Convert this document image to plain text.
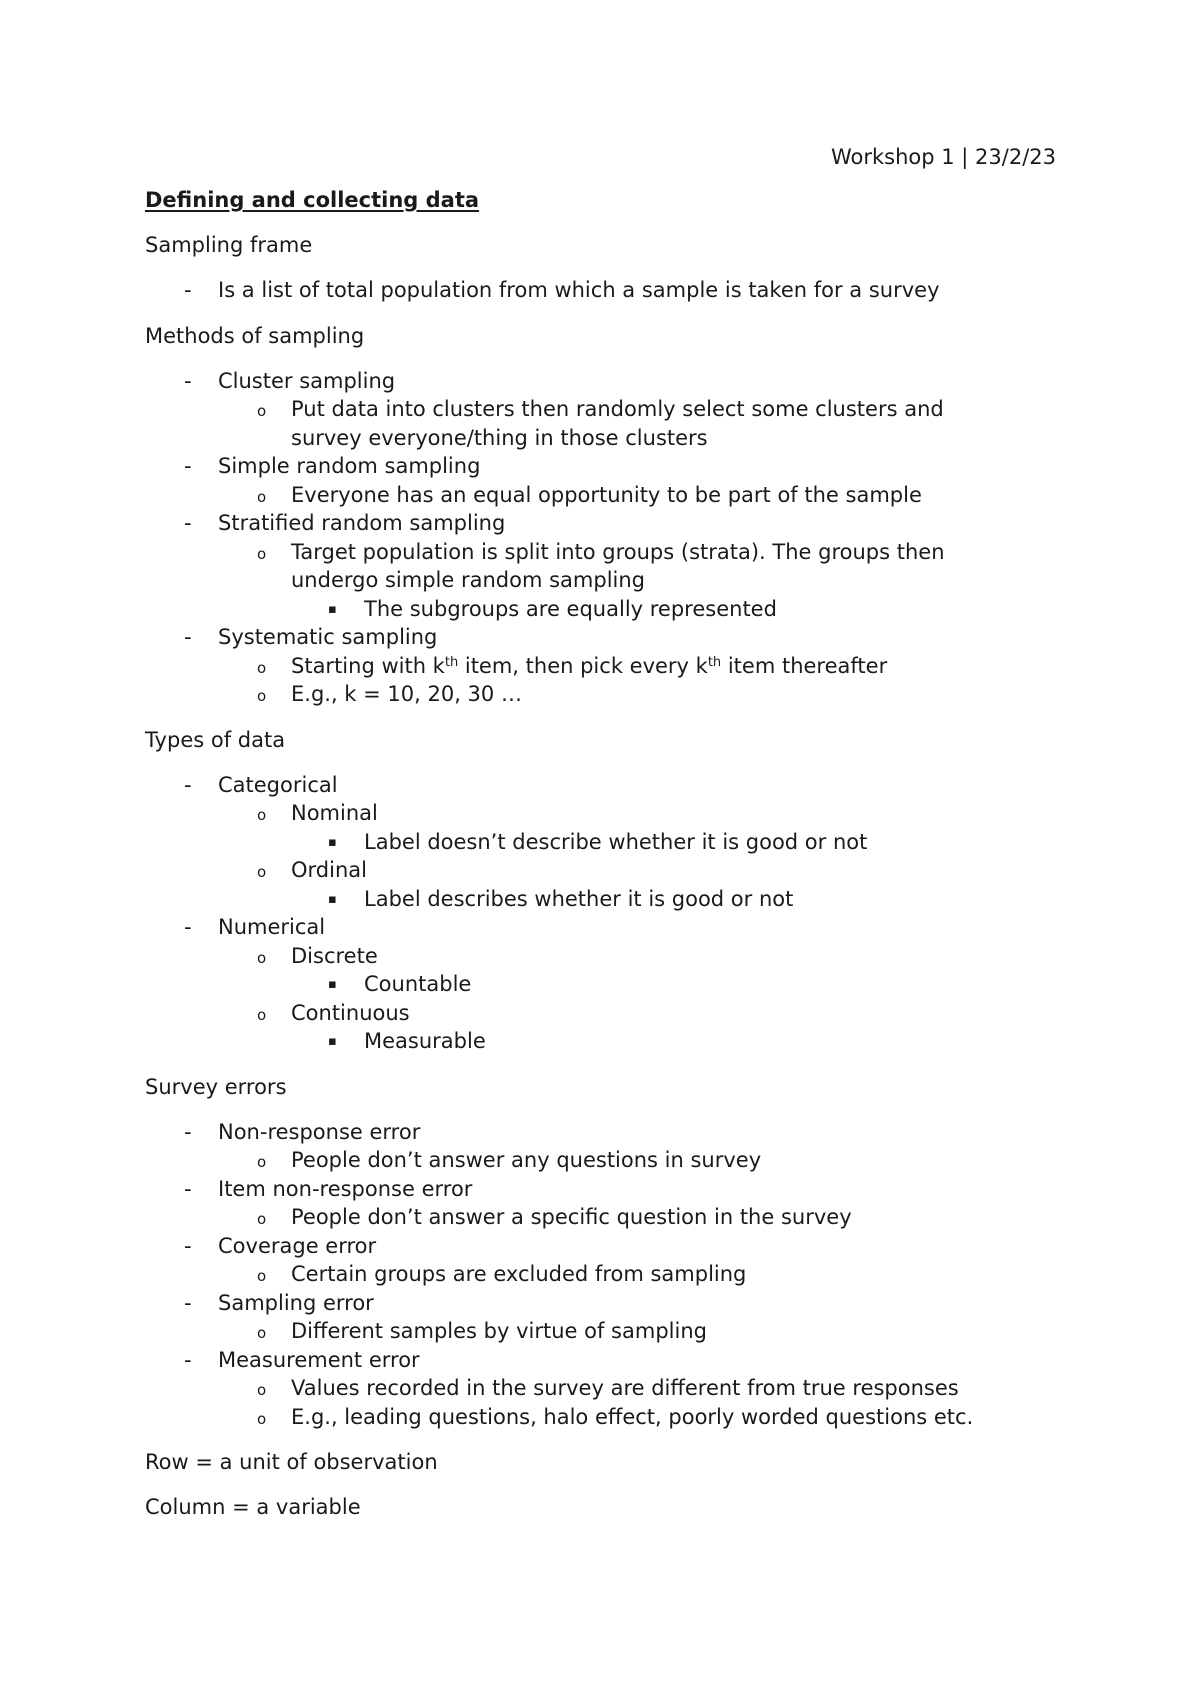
Workshop 1 | 23/2/23
Defining and collecting data
Sampling frame
- Is a list of total population from which a sample is taken for a survey
Methods of sampling
- Cluster sampling
o Put data into clusters then randomly select some clusters and
survey everyone/thing in those clusters
- Simple random sampling
o Everyone has an equal opportunity to be part of the sample
- Stratified random sampling
o Target population is split into groups (strata). The groups then
undergo simple random sampling
▪ The subgroups are equally represented
- Systematic sampling
o Starting with $k^{th}$ item, then pick every $k^{th}$ item thereafter
o E.g., k = 10, 20, 30 …
Types of data
- Categorical
o Nominal
▪ Label doesn’t describe whether it is good or not
o Ordinal
▪ Label describes whether it is good or not
- Numerical
o Discrete
▪ Countable
o Continuous
▪ Measurable
Survey errors
- Non-response error
o People don’t answer any questions in survey
- Item non-response error
o People don’t answer a specific question in the survey
- Coverage error
o Certain groups are excluded from sampling
- Sampling error
o Different samples by virtue of sampling
- Measurement error
o Values recorded in the survey are different from true responses
o E.g., leading questions, halo effect, poorly worded questions etc.
Row = a unit of observation
Column = a variable
